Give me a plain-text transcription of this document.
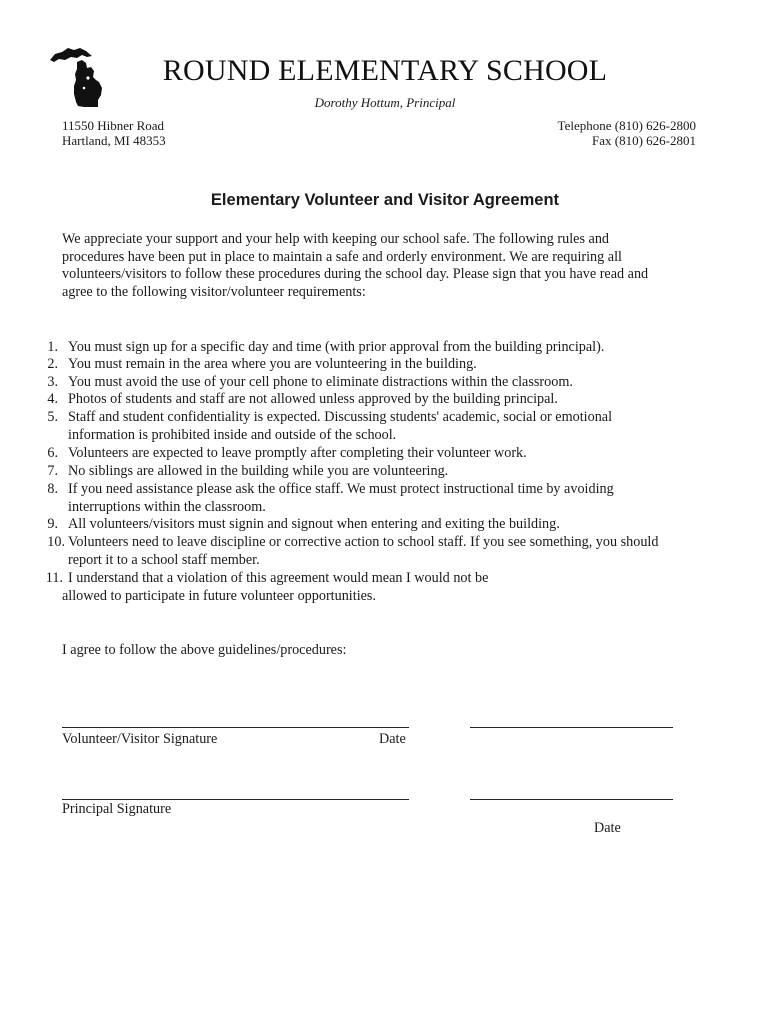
ROUND ELEMENTARY SCHOOL
Dorothy Hottum, Principal
11550 Hibner Road
Hartland, MI 48353
Telephone (810) 626-2800
Fax (810) 626-2801
Elementary Volunteer and Visitor Agreement
We appreciate your support and your help with keeping our school safe. The following rules and
procedures have been put in place to maintain a safe and orderly environment. We are requiring all
volunteers/visitors to follow these procedures during the school day. Please sign that you have read and
agree to the following visitor/volunteer requirements:
1. You must sign up for a specific day and time (with prior approval from the building principal).
2. You must remain in the area where you are volunteering in the building.
3. You must avoid the use of your cell phone to eliminate distractions within the classroom.
4. Photos of students and staff are not allowed unless approved by the building principal.
5. Staff and student confidentiality is expected. Discussing students' academic, social or emotional
information is prohibited inside and outside of the school.
6. Volunteers are expected to leave promptly after completing their volunteer work.
7. No siblings are allowed in the building while you are volunteering.
8. If you need assistance please ask the office staff. We must protect instructional time by avoiding
interruptions within the classroom.
9. All volunteers/visitors must signin and signout when entering and exiting the building.
10. Volunteers need to leave discipline or corrective action to school staff. If you see something, you should
report it to a school staff member.
11. I understand that a violation of this agreement would mean I would not be
allowed to participate in future volunteer opportunities.
I agree to follow the above guidelines/procedures:
Volunteer/Visitor Signature	Date
Principal Signature
Date
